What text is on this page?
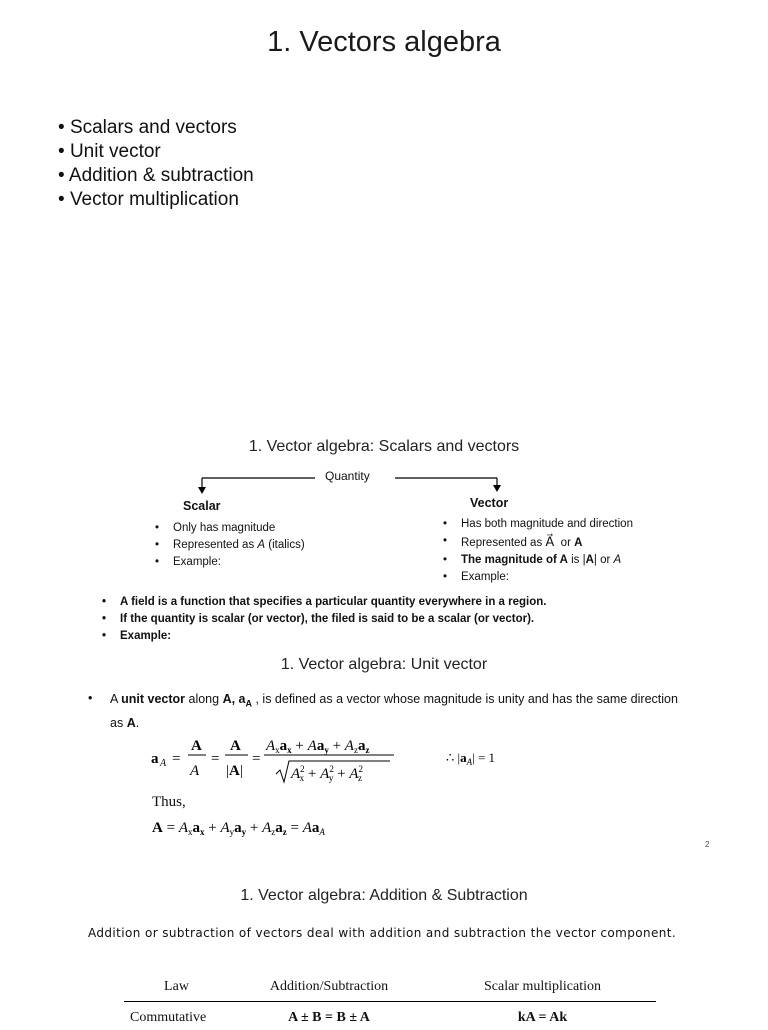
1. Vectors algebra
• Scalars and vectors
• Unit vector
• Addition & subtraction
• Vector multiplication
1. Vector algebra: Scalars and vectors
Quantity
Scalar	Vector
• Only has magnitude
• Represented as A (italics)
• Example:
• Has both magnitude and direction
• Represented as A⃗  or A
• The magnitude of A is |A| or A
• Example:
• A field is a function that specifies a particular quantity everywhere in a region.
• If the quantity is scalar (or vector), the filed is said to be a scalar (or vector).
• Example:
1. Vector algebra: Unit vector
•	A unit vector along A, $a_A$ , is defined as a vector whose magnitude is unity and has the same direction as A.
a A =
A
A
=
A
|A|
=
$A_xa_x + Aa_y + A_za_z$
$A^2$ $x + A^2$ $y + A^2$ z
∴ $|a_A| = 1$
Thus,
$A = A_xa_x + A_ya_y + A_za_z = Aa_A$
2
1. Vector algebra: Addition & Subtraction
Addition or subtraction of vectors deal with addition and subtraction the vector component.
Law	Addition/Subtraction	Scalar multiplication
Commutative	A ± B = B ± A	kA = Ak
